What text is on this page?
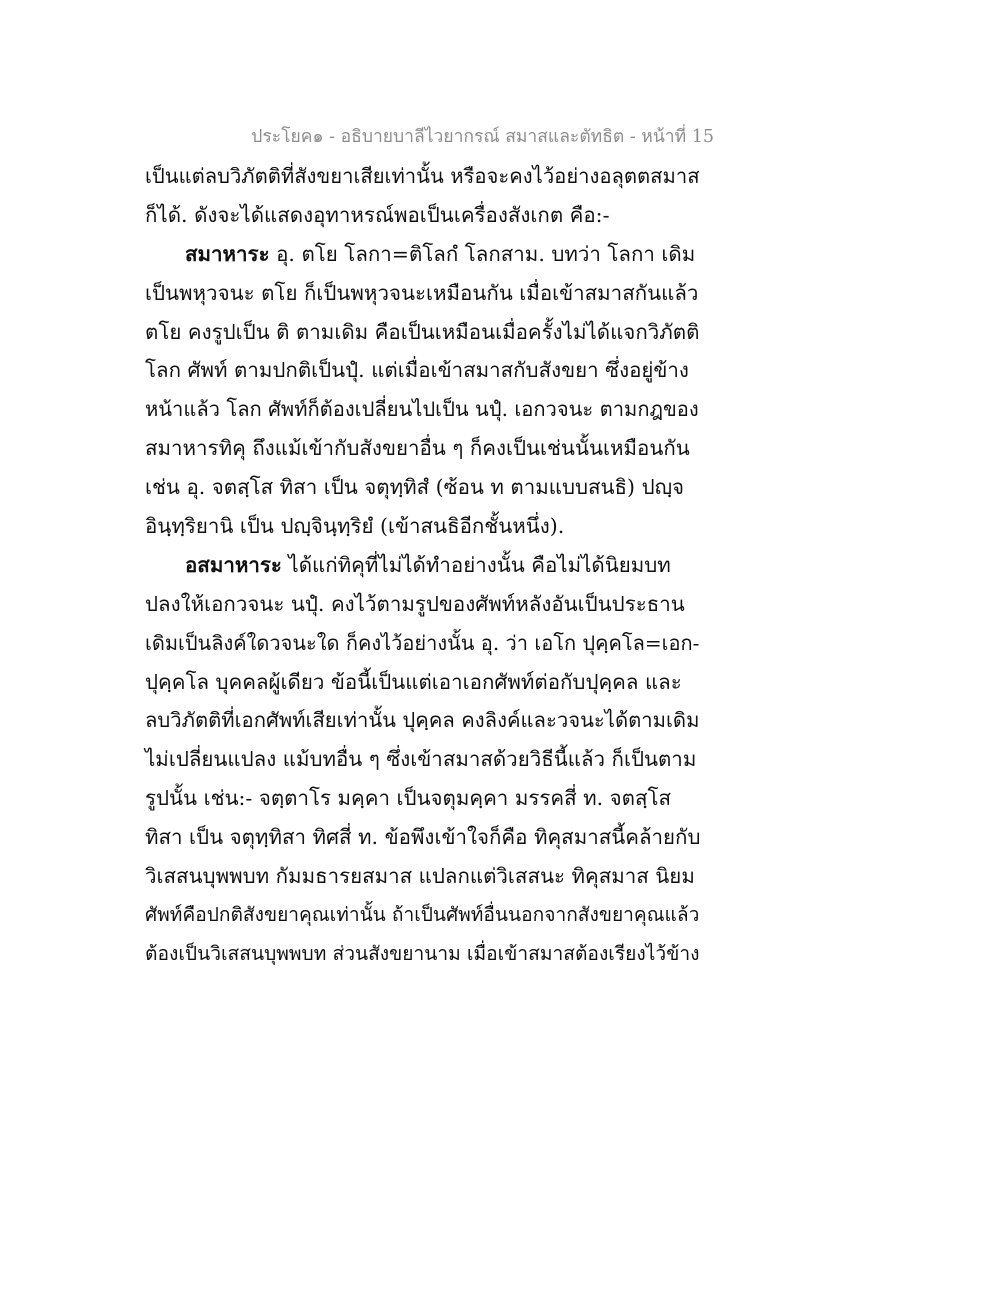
ประโยค๑ - อธิบายบาลีไวยากรณ์ สมาสและตัทธิต - หน้าที่ 15
เป็นแต่ลบวิภัตติที่สังขยาเสียเท่านั้น หรือจะคงไว้อย่างอลุตตสมาส
ก็ได้. ดังจะได้แสดงอุทาหรณ์พอเป็นเครื่องสังเกต คือ:-
สมาหาระ อุ. ตโย โลกา=ติโลกํ โลกสาม. บทว่า โลกา เดิม
เป็นพหุวจนะ ตโย ก็เป็นพหุวจนะเหมือนกัน เมื่อเข้าสมาสกันแล้ว
ตโย คงรูปเป็น ติ ตามเดิม คือเป็นเหมือนเมื่อครั้งไม่ได้แจกวิภัตติ
โลก ศัพท์ ตามปกติเป็นปุํ. แต่เมื่อเข้าสมาสกับสังขยา ซึ่งอยู่ข้าง
หน้าแล้ว โลก ศัพท์ก็ต้องเปลี่ยนไปเป็น นปุํ. เอกวจนะ ตามกฎของ
สมาหารทิคุ ถึงแม้เข้ากับสังขยาอื่น ๆ ก็คงเป็นเช่นนั้นเหมือนกัน
เช่น อุ. จตสฺโส ทิสา เป็น จตุทฺทิสํ (ซ้อน ท ตามแบบสนธิ) ปญฺจ
อินฺทฺริยานิ เป็น ปญฺจินฺทฺริยํ (เข้าสนธิอีกชั้นหนึ่ง).
อสมาหาระ ได้แก่ทิคุที่ไม่ได้ทำอย่างนั้น คือไม่ได้นิยมบท
ปลงให้เอกวจนะ นปุํ. คงไว้ตามรูปของศัพท์หลังอันเป็นประธาน
เดิมเป็นลิงค์ใดวจนะใด ก็คงไว้อย่างนั้น อุ. ว่า เอโก ปุคฺคโล=เอก-
ปุคฺคโล บุคคลผู้เดียว ข้อนี้เป็นแต่เอาเอกศัพท์ต่อกับปุคฺคล และ
ลบวิภัตติที่เอกศัพท์เสียเท่านั้น ปุคฺคล คงลิงค์และวจนะได้ตามเดิม
ไม่เปลี่ยนแปลง แม้บทอื่น ๆ ซึ่งเข้าสมาสด้วยวิธีนี้แล้ว ก็เป็นตาม
รูปนั้น เช่น:- จตฺตาโร มคฺคา เป็นจตุมคฺคา มรรคสี่ ท. จตสฺโส
ทิสา เป็น จตุทฺทิสา ทิศสี่ ท. ข้อพึงเข้าใจก็คือ ทิคุสมาสนี้คล้ายกับ
วิเสสนบุพพบท กัมมธารยสมาส แปลกแต่วิเสสนะ ทิคุสมาส นิยม
ศัพท์คือปกติสังขยาคุณเท่านั้น ถ้าเป็นศัพท์อื่นนอกจากสังขยาคุณแล้ว
ต้องเป็นวิเสสนบุพพบท ส่วนสังขยานาม เมื่อเข้าสมาสต้องเรียงไว้ข้าง
